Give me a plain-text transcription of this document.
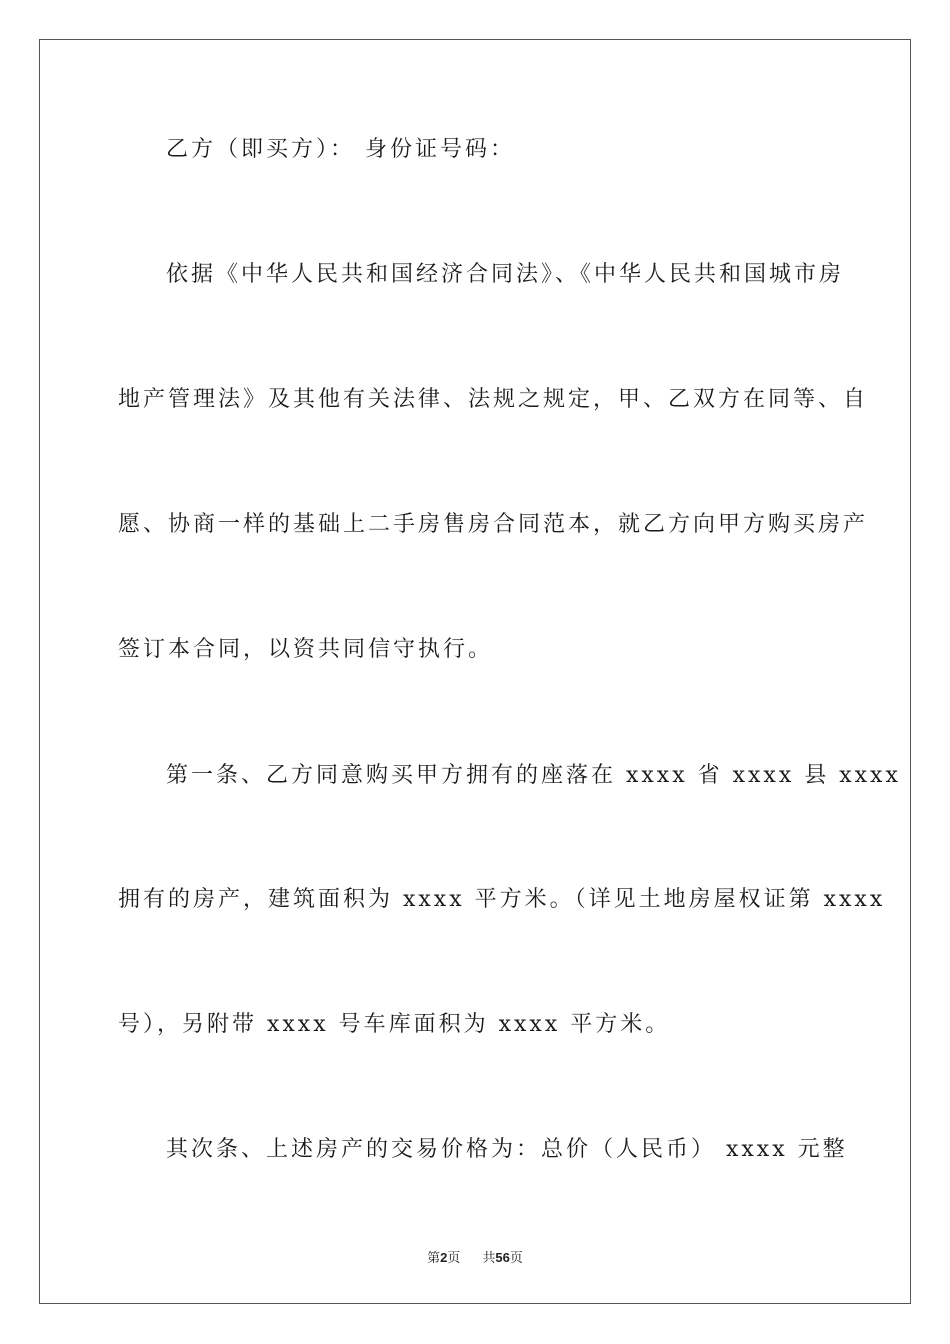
乙方（即买方）： 身份证号码：
依据《中华人民共和国经济合同法》、《中华人民共和国城市房
地产管理法》及其他有关法律、法规之规定，甲、乙双方在同等、自
愿、协商一样的基础上二手房售房合同范本，就乙方向甲方购买房产
签订本合同，以资共同信守执行。
第一条、乙方同意购买甲方拥有的座落在 xxxx 省 xxxx 县 xxxx
拥有的房产，建筑面积为 xxxx 平方米。（详见土地房屋权证第 xxxx
号），另附带 xxxx 号车库面积为 xxxx 平方米。
其次条、上述房产的交易价格为：总价（人民币） xxxx 元整
第2页 共56页
